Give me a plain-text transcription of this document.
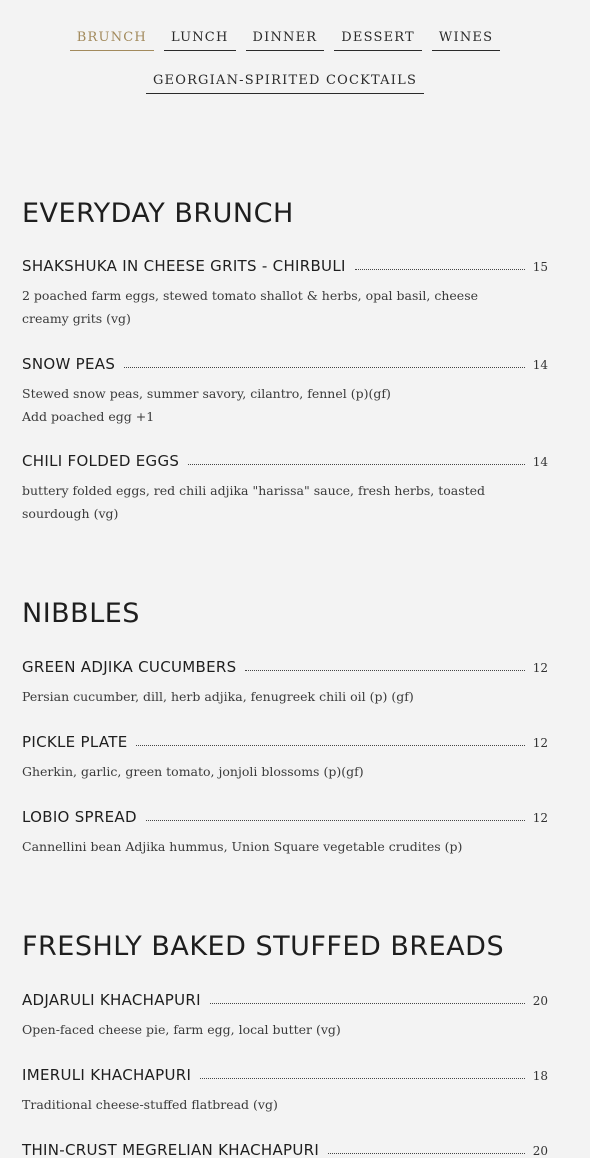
BRUNCH	LUNCH	DINNER	DESSERT	WINES
GEORGIAN-SPIRITED COCKTAILS
EVERYDAY BRUNCH
SHAKSHUKA IN CHEESE GRITS - CHIRBULI	15
2 poached farm eggs, stewed tomato shallot & herbs, opal basil, cheese creamy grits (vg)
SNOW PEAS	14
Stewed snow peas, summer savory, cilantro, fennel (p)(gf)
Add poached egg +1
CHILI FOLDED EGGS	14
buttery folded eggs, red chili adjika "harissa" sauce, fresh herbs, toasted sourdough (vg)
NIBBLES
GREEN ADJIKA CUCUMBERS	12
Persian cucumber, dill, herb adjika, fenugreek chili oil (p) (gf)
PICKLE PLATE	12
Gherkin, garlic, green tomato, jonjoli blossoms (p)(gf)
LOBIO SPREAD	12
Cannellini bean Adjika hummus, Union Square vegetable crudites (p)
FRESHLY BAKED STUFFED BREADS
ADJARULI KHACHAPURI	20
Open-faced cheese pie, farm egg, local butter (vg)
IMERULI KHACHAPURI	18
Traditional cheese-stuffed flatbread (vg)
THIN-CRUST MEGRELIAN KHACHAPURI	20
